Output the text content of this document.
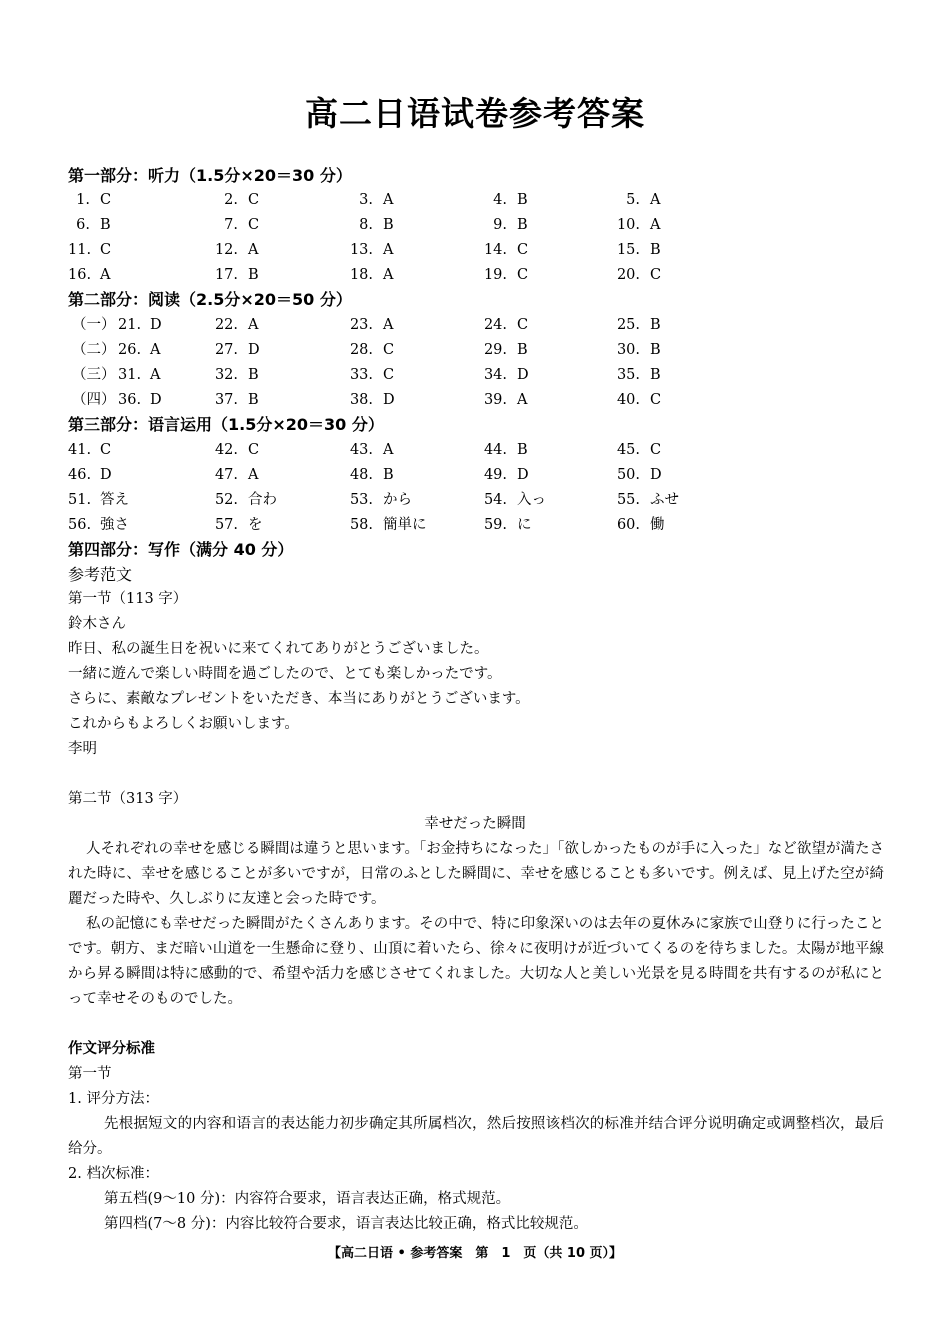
高二日语试卷参考答案
第一部分：听力（1.5分×20＝30 分）
1. C	2. C	3. A	4. B	5. A
6. B	7. C	8. B	9. B	10. A
11. C	12. A	13. A	14. C	15. B
16. A	17. B	18. A	19. C	20. C
第二部分：阅读（2.5分×20＝50 分）
（一） 21. D	22. A	23. A	24. C	25. B
（二） 26. A	27. D	28. C	29. B	30. B
（三） 31. A	32. B	33. C	34. D	35. B
（四） 36. D	37. B	38. D	39. A	40. C
第三部分：语言运用（1.5分×20＝30 分）
41. C	42. C	43. A	44. B	45. C
46. D	47. A	48. B	49. D	50. D
51. 答え	52. 合わ	53. から	54. 入っ	55. ふせ
56. 強さ	57. を	58. 簡単に	59. に	60. 働
第四部分：写作（满分 40 分）
参考范文
第一节（113 字）
鈴木さん
昨日、私の誕生日を祝いに来てくれてありがとうございました。
一緒に遊んで楽しい時間を過ごしたので、とても楽しかったです。
さらに、素敵なプレゼントをいただき、本当にありがとうございます。
これからもよろしくお願いします。
李明
第二节（313 字）
幸せだった瞬間
人それぞれの幸せを感じる瞬間は違うと思います。「お金持ちになった」「欲しかったものが手に入った」など欲望が満たされた時に、幸せを感じることが多いですが，日常のふとした瞬間に、幸せを感じることも多いです。例えば、見上げた空が綺麗だった時や、久しぶりに友達と会った時です。
私の記憶にも幸せだった瞬間がたくさんあります。その中で、特に印象深いのは去年の夏休みに家族で山登りに行ったことです。朝方、まだ暗い山道を一生懸命に登り、山頂に着いたら、徐々に夜明けが近づいてくるのを待ちました。太陽が地平線から昇る瞬間は特に感動的で、希望や活力を感じさせてくれました。大切な人と美しい光景を見る時間を共有するのが私にとって幸せそのものでした。
作文评分标准
第一节
1. 评分方法：
先根据短文的内容和语言的表达能力初步确定其所属档次，然后按照该档次的标准并结合评分说明确定或调整档次，最后给分。
2. 档次标准：
第五档(9～10 分)：内容符合要求，语言表达正确，格式规范。
第四档(7～8 分)：内容比较符合要求，语言表达比较正确，格式比较规范。
【高二日语 • 参考答案　第　1　页（共 10 页）】
